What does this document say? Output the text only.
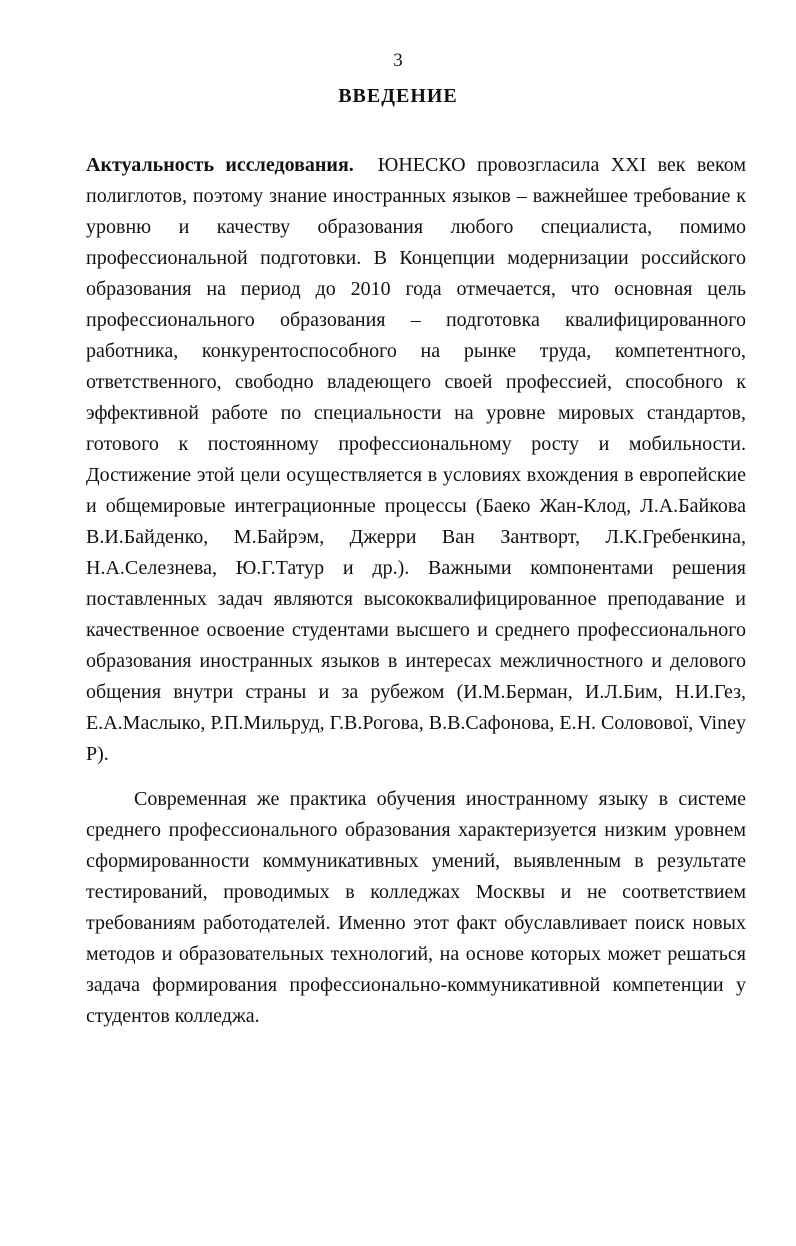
3
ВВЕДЕНИЕ

Актуальность исследования. ЮНЕСКО провозгласила XXI век веком полиглотов, поэтому знание иностранных языков – важнейшее требование к уровню и качеству образования любого специалиста, помимо профессиональной подготовки. В Концепции модернизации российского образования на период до 2010 года отмечается, что основная цель профессионального образования – подготовка квалифицированного работника, конкурентоспособного на рынке труда, компетентного, ответственного, свободно владеющего своей профессией, способного к эффективной работе по специальности на уровне мировых стандартов, готового к постоянному профессиональному росту и мобильности. Достижение этой цели осуществляется в условиях вхождения в европейские и общемировые интеграционные процессы (Баеко Жан-Клод, Л.А.Байкова В.И.Байденко, М.Байрэм, Джерри Ван Зантворт, Л.К.Гребенкина, Н.А.Селезнева, Ю.Г.Татур и др.). Важными компонентами решения поставленных задач являются высококвалифицированное преподавание и качественное освоение студентами высшего и среднего профессионального образования иностранных языков в интересах межличностного и делового общения внутри страны и за рубежом (И.М.Берман, И.Л.Бим, Н.И.Гез, Е.А.Маслыко, Р.П.Мильруд, Г.В.Рогова, В.В.Сафонова, Е.Н. Соловової, Viney P).

Современная же практика обучения иностранному языку в системе среднего профессионального образования характеризуется низким уровнем сформированности коммуникативных умений, выявленным в результате тестирований, проводимых в колледжах Москвы и не соответствием требованиям работодателей. Именно этот факт обуславливает поиск новых методов и образовательных технологий, на основе которых может решаться задача формирования профессионально-коммуникативной компетенции у студентов колледжа.
